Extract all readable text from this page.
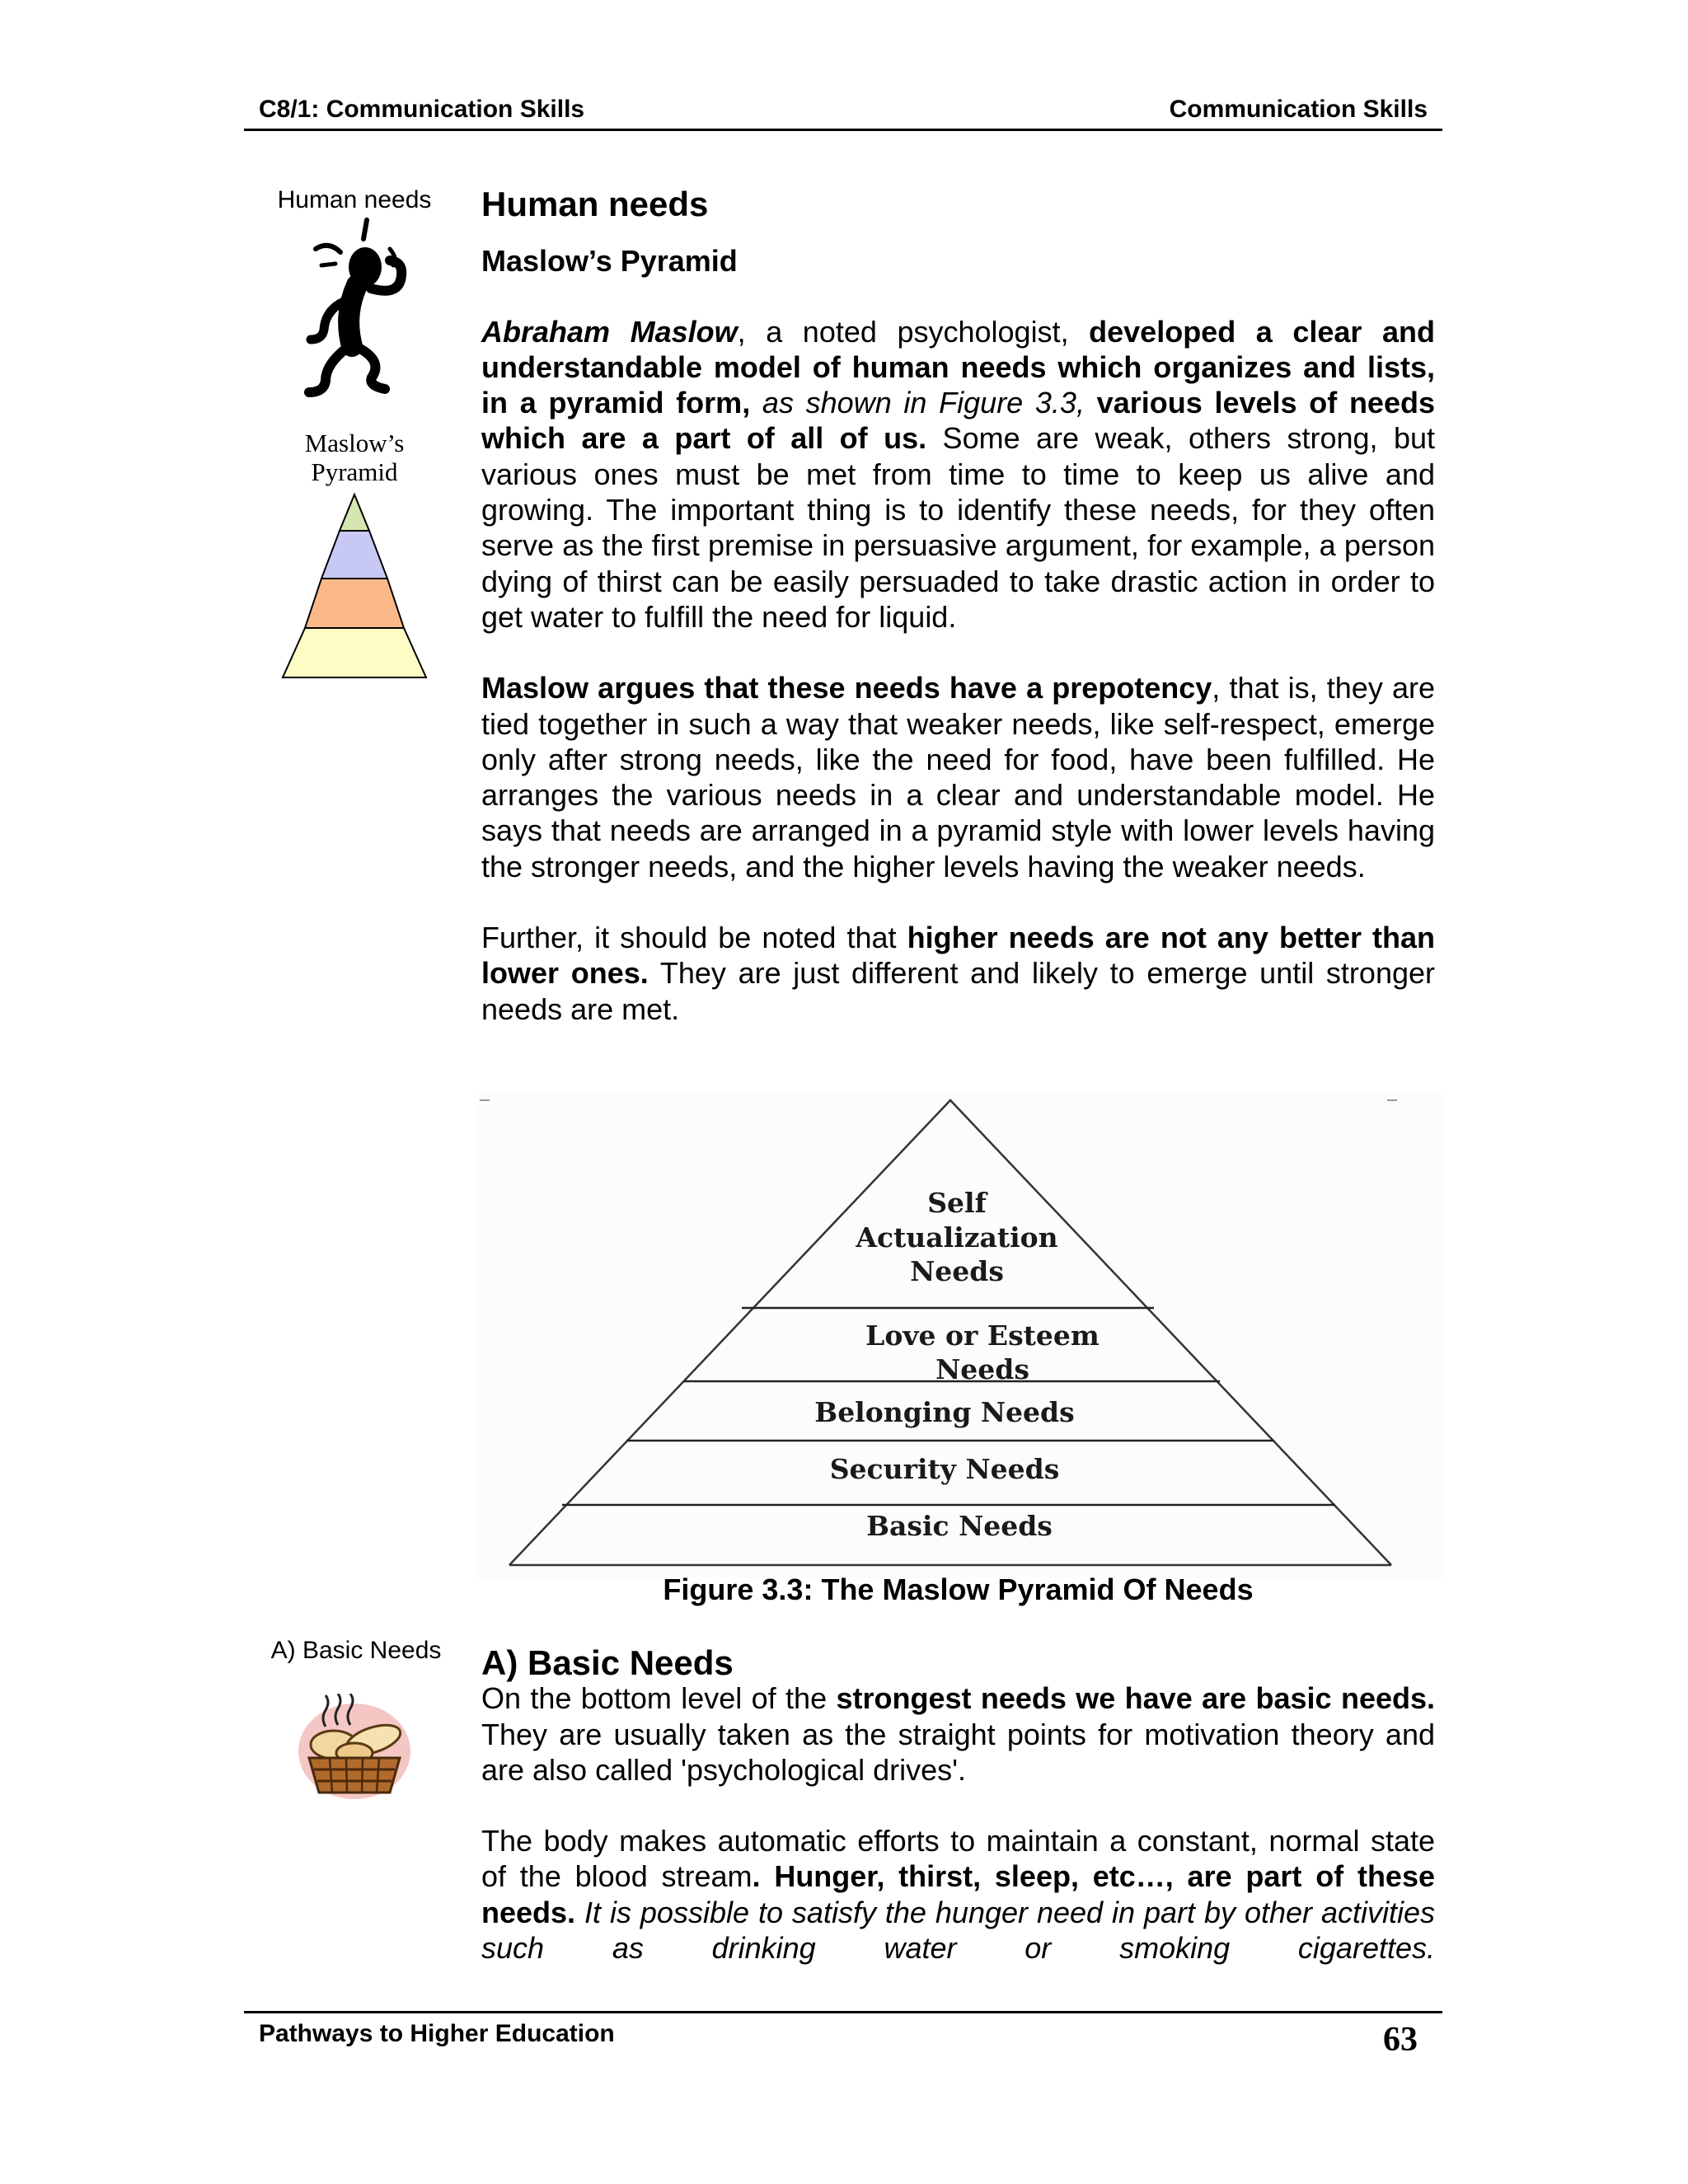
C8/1: Communication Skills	Communication Skills
Human needs
Maslow’s
Pyramid
Human needs
Maslow’s Pyramid

Abraham Maslow, a noted psychologist, developed a clear and understandable model of human needs which organizes and lists, in a pyramid form, as shown in Figure 3.3, various levels of needs which are a part of all of us. Some are weak, others strong, but various ones must be met from time to time to keep us alive and growing. The important thing is to identify these needs, for they often serve as the first premise in persuasive argument, for example, a person dying of thirst can be easily persuaded to take drastic action in order to get water to fulfill the need for liquid.

Maslow argues that these needs have a prepotency, that is, they are tied together in such a way that weaker needs, like self-respect, emerge only after strong needs, like the need for food, have been fulfilled. He arranges the various needs in a clear and understandable model. He says that needs are arranged in a pyramid style with lower levels having the stronger needs, and the higher levels having the weaker needs.

Further, it should be noted that higher needs are not any better than lower ones. They are just different and likely to emerge until stronger needs are met.

Self
Actualization
Needs
Love or Esteem
Needs
Belonging Needs
Security Needs
Basic Needs
Figure 3.3: The Maslow Pyramid Of Needs
A) Basic Needs	A) Basic Needs

On the bottom level of the strongest needs we have are basic needs. They are usually taken as the straight points for motivation theory and are also called 'psychological drives'.

The body makes automatic efforts to maintain a constant, normal state of the blood stream. Hunger, thirst, sleep, etc…, are part of these needs. It is possible to satisfy the hunger need in part by other activities such as drinking water or smoking cigarettes.

Pathways to Higher Education	63
